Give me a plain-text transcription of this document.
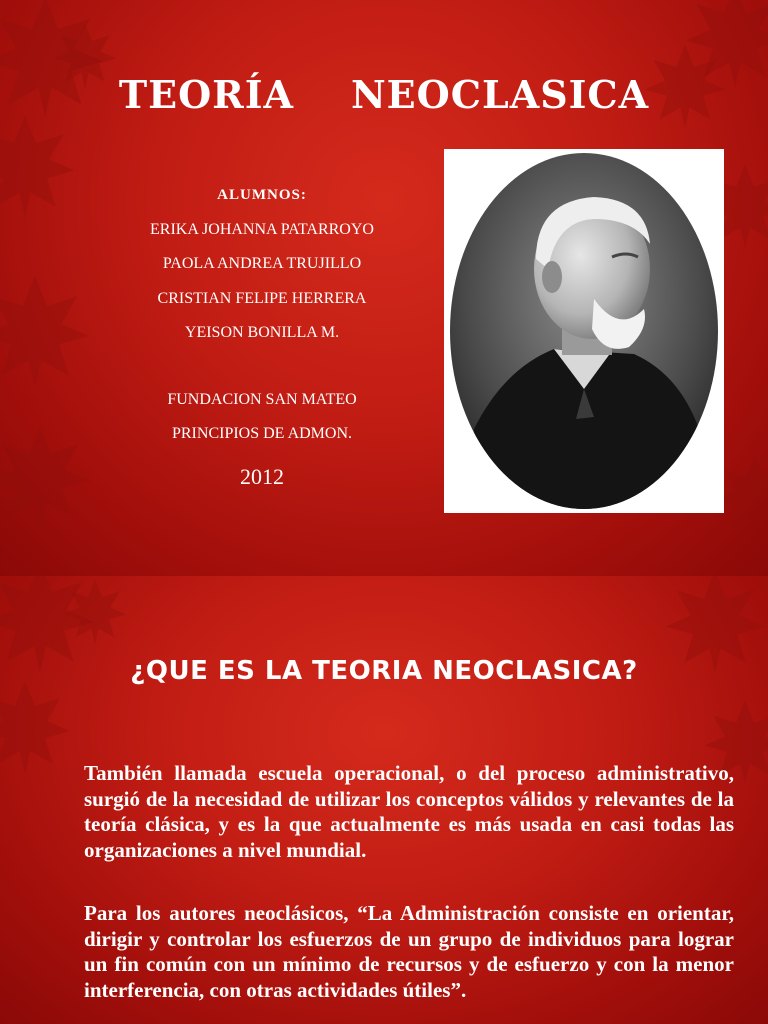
TEORÍA    NEOCLASICA
ALUMNOS:
ERIKA JOHANNA PATARROYO
PAOLA ANDREA TRUJILLO
CRISTIAN FELIPE HERRERA
YEISON BONILLA M.
FUNDACION SAN MATEO
PRINCIPIOS DE ADMON.
2012
¿QUE ES LA TEORIA NEOCLASICA?

También llamada escuela operacional, o del proceso administrativo, surgió de la necesidad de utilizar los conceptos válidos y relevantes de la teoría clásica, y es la que actualmente es más usada en casi todas las organizaciones a nivel mundial.

Para los autores neoclásicos, “La Administración consiste en orientar, dirigir y controlar los esfuerzos de un grupo de individuos para lograr un fin común con un mínimo de recursos y de esfuerzo y con la menor interferencia, con otras actividades útiles”.
